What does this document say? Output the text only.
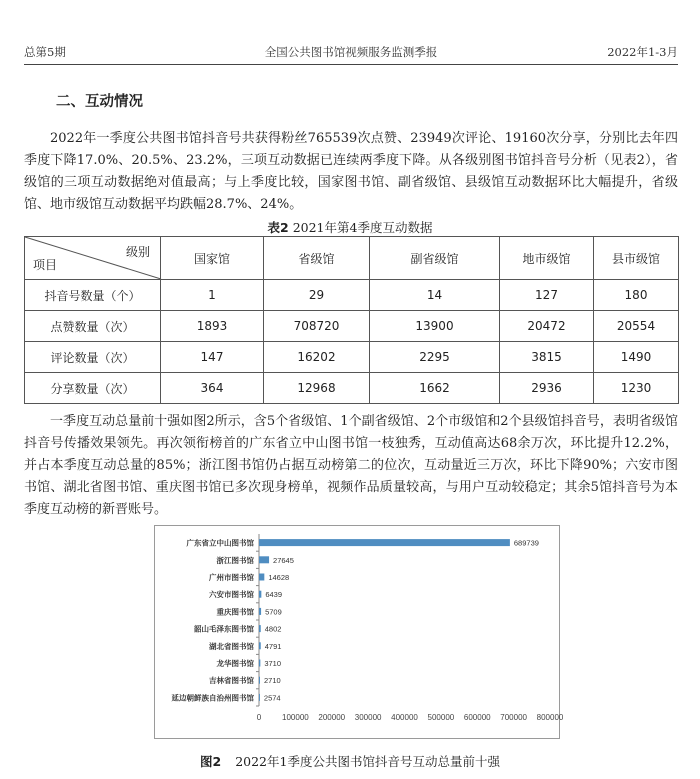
总第5期	全国公共图书馆视频服务监测季报	2022年1-3月
二、互动情况
2022年一季度公共图书馆抖音号共获得粉丝765539次点赞、23949次评论、19160次分享，分别比去年四季度下降17.0%、20.5%、23.2%，三项互动数据已连续两季度下降。从各级别图书馆抖音号分析（见表2），省级馆的三项互动数据绝对值最高；与上季度比较，国家图书馆、副省级馆、县级馆互动数据环比大幅提升，省级馆、地市级馆互动数据平均跌幅28.7%、24%。
表2 2021年第4季度互动数据
级别
项目	国家馆	省级馆	副省级馆	地市级馆	县市级馆
抖音号数量（个）	1	29	14	127	180
点赞数量（次）	1893	708720	13900	20472	20554
评论数量（次）	147	16202	2295	3815	1490
分享数量（次）	364	12968	1662	2936	1230
一季度互动总量前十强如图2所示，含5个省级馆、1个副省级馆、2个市级馆和2个县级馆抖音号，表明省级馆抖音号传播效果领先。再次领衔榜首的广东省立中山图书馆一枝独秀，互动值高达68余万次，环比提升12.2%，并占本季度互动总量的85%；浙江图书馆仍占据互动榜第二的位次，互动量近三万次，环比下降90%；六安市图书馆、湖北省图书馆、重庆图书馆已多次现身榜单，视频作品质量较高，与用户互动较稳定；其余5馆抖音号为本季度互动榜的新晋账号。
0	100000 200000 300000 400000 500000 600000 700000 800000
广东省立中山图书馆	689739
浙江图书馆	27645
广州市图书馆 14628
六安市图书馆 6439
重庆图书馆 5709
韶山毛泽东图书馆 4802
湖北省图书馆 4791
龙华图书馆 3710
吉林省图书馆 2710
延边朝鲜族自治州图书馆 2574
图2 2022年1季度公共图书馆抖音号互动总量前十强
